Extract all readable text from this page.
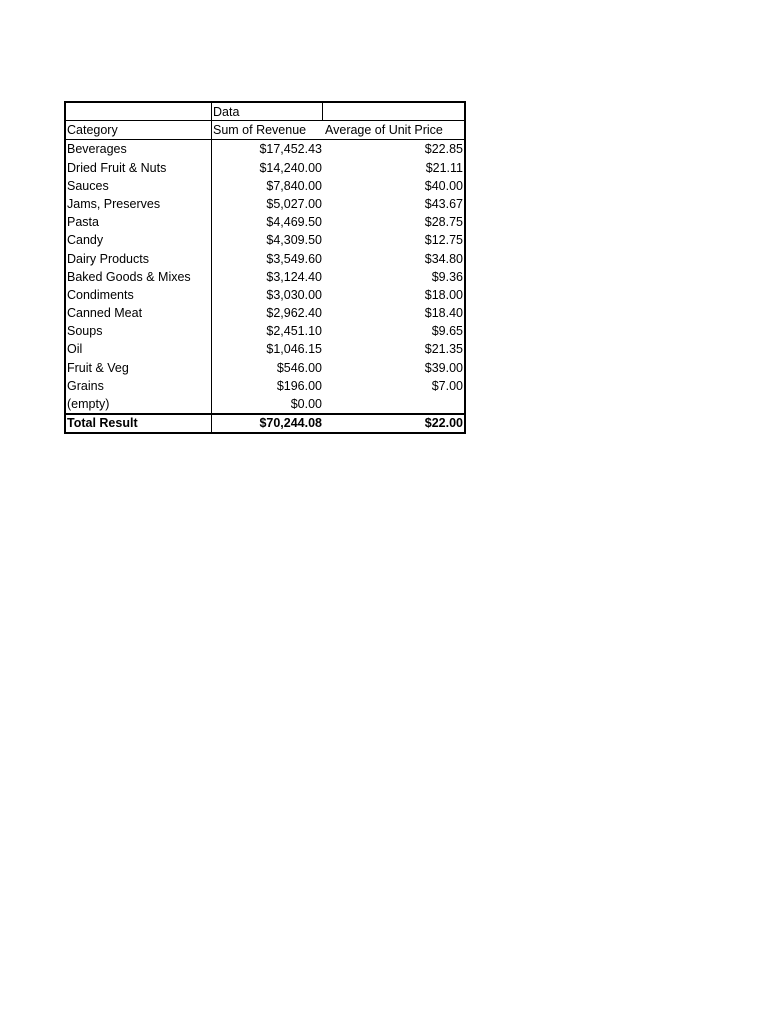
Data
Category	Sum of Revenue	Average of Unit Price
Beverages	$17,452.43	$22.85
Dried Fruit & Nuts	$14,240.00	$21.11
Sauces	$7,840.00	$40.00
Jams, Preserves	$5,027.00	$43.67
Pasta	$4,469.50	$28.75
Candy	$4,309.50	$12.75
Dairy Products	$3,549.60	$34.80
Baked Goods & Mixes	$3,124.40	$9.36
Condiments	$3,030.00	$18.00
Canned Meat	$2,962.40	$18.40
Soups	$2,451.10	$9.65
Oil	$1,046.15	$21.35
Fruit & Veg	$546.00	$39.00
Grains	$196.00	$7.00
(empty)	$0.00
Total Result	$70,244.08	$22.00
